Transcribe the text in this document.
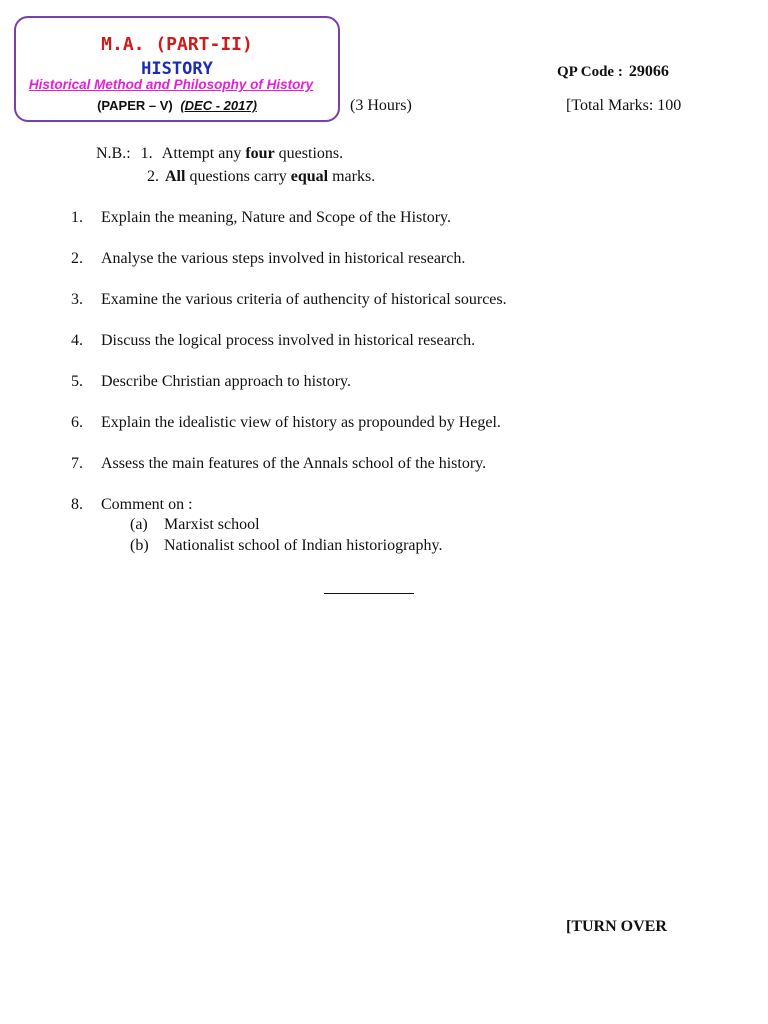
M.A. (PART-II)
HISTORY
Historical Method and Philosophy of History
(PAPER – V) (DEC - 2017)
QP Code : 29066
(3 Hours)	[Total Marks: 100
N.B.: 1. Attempt any four questions.
2. All questions carry equal marks.
1. Explain the meaning, Nature and Scope of the History.
2. Analyse the various steps involved in historical research.
3. Examine the various criteria of authencity of historical sources.
4. Discuss the logical process involved in historical research.
5. Describe Christian approach to history.
6. Explain the idealistic view of history as propounded by Hegel.
7. Assess the main features of the Annals school of the history.
8. Comment on :
(a) Marxist school
(b) Nationalist school of Indian historiography.
[TURN OVER
